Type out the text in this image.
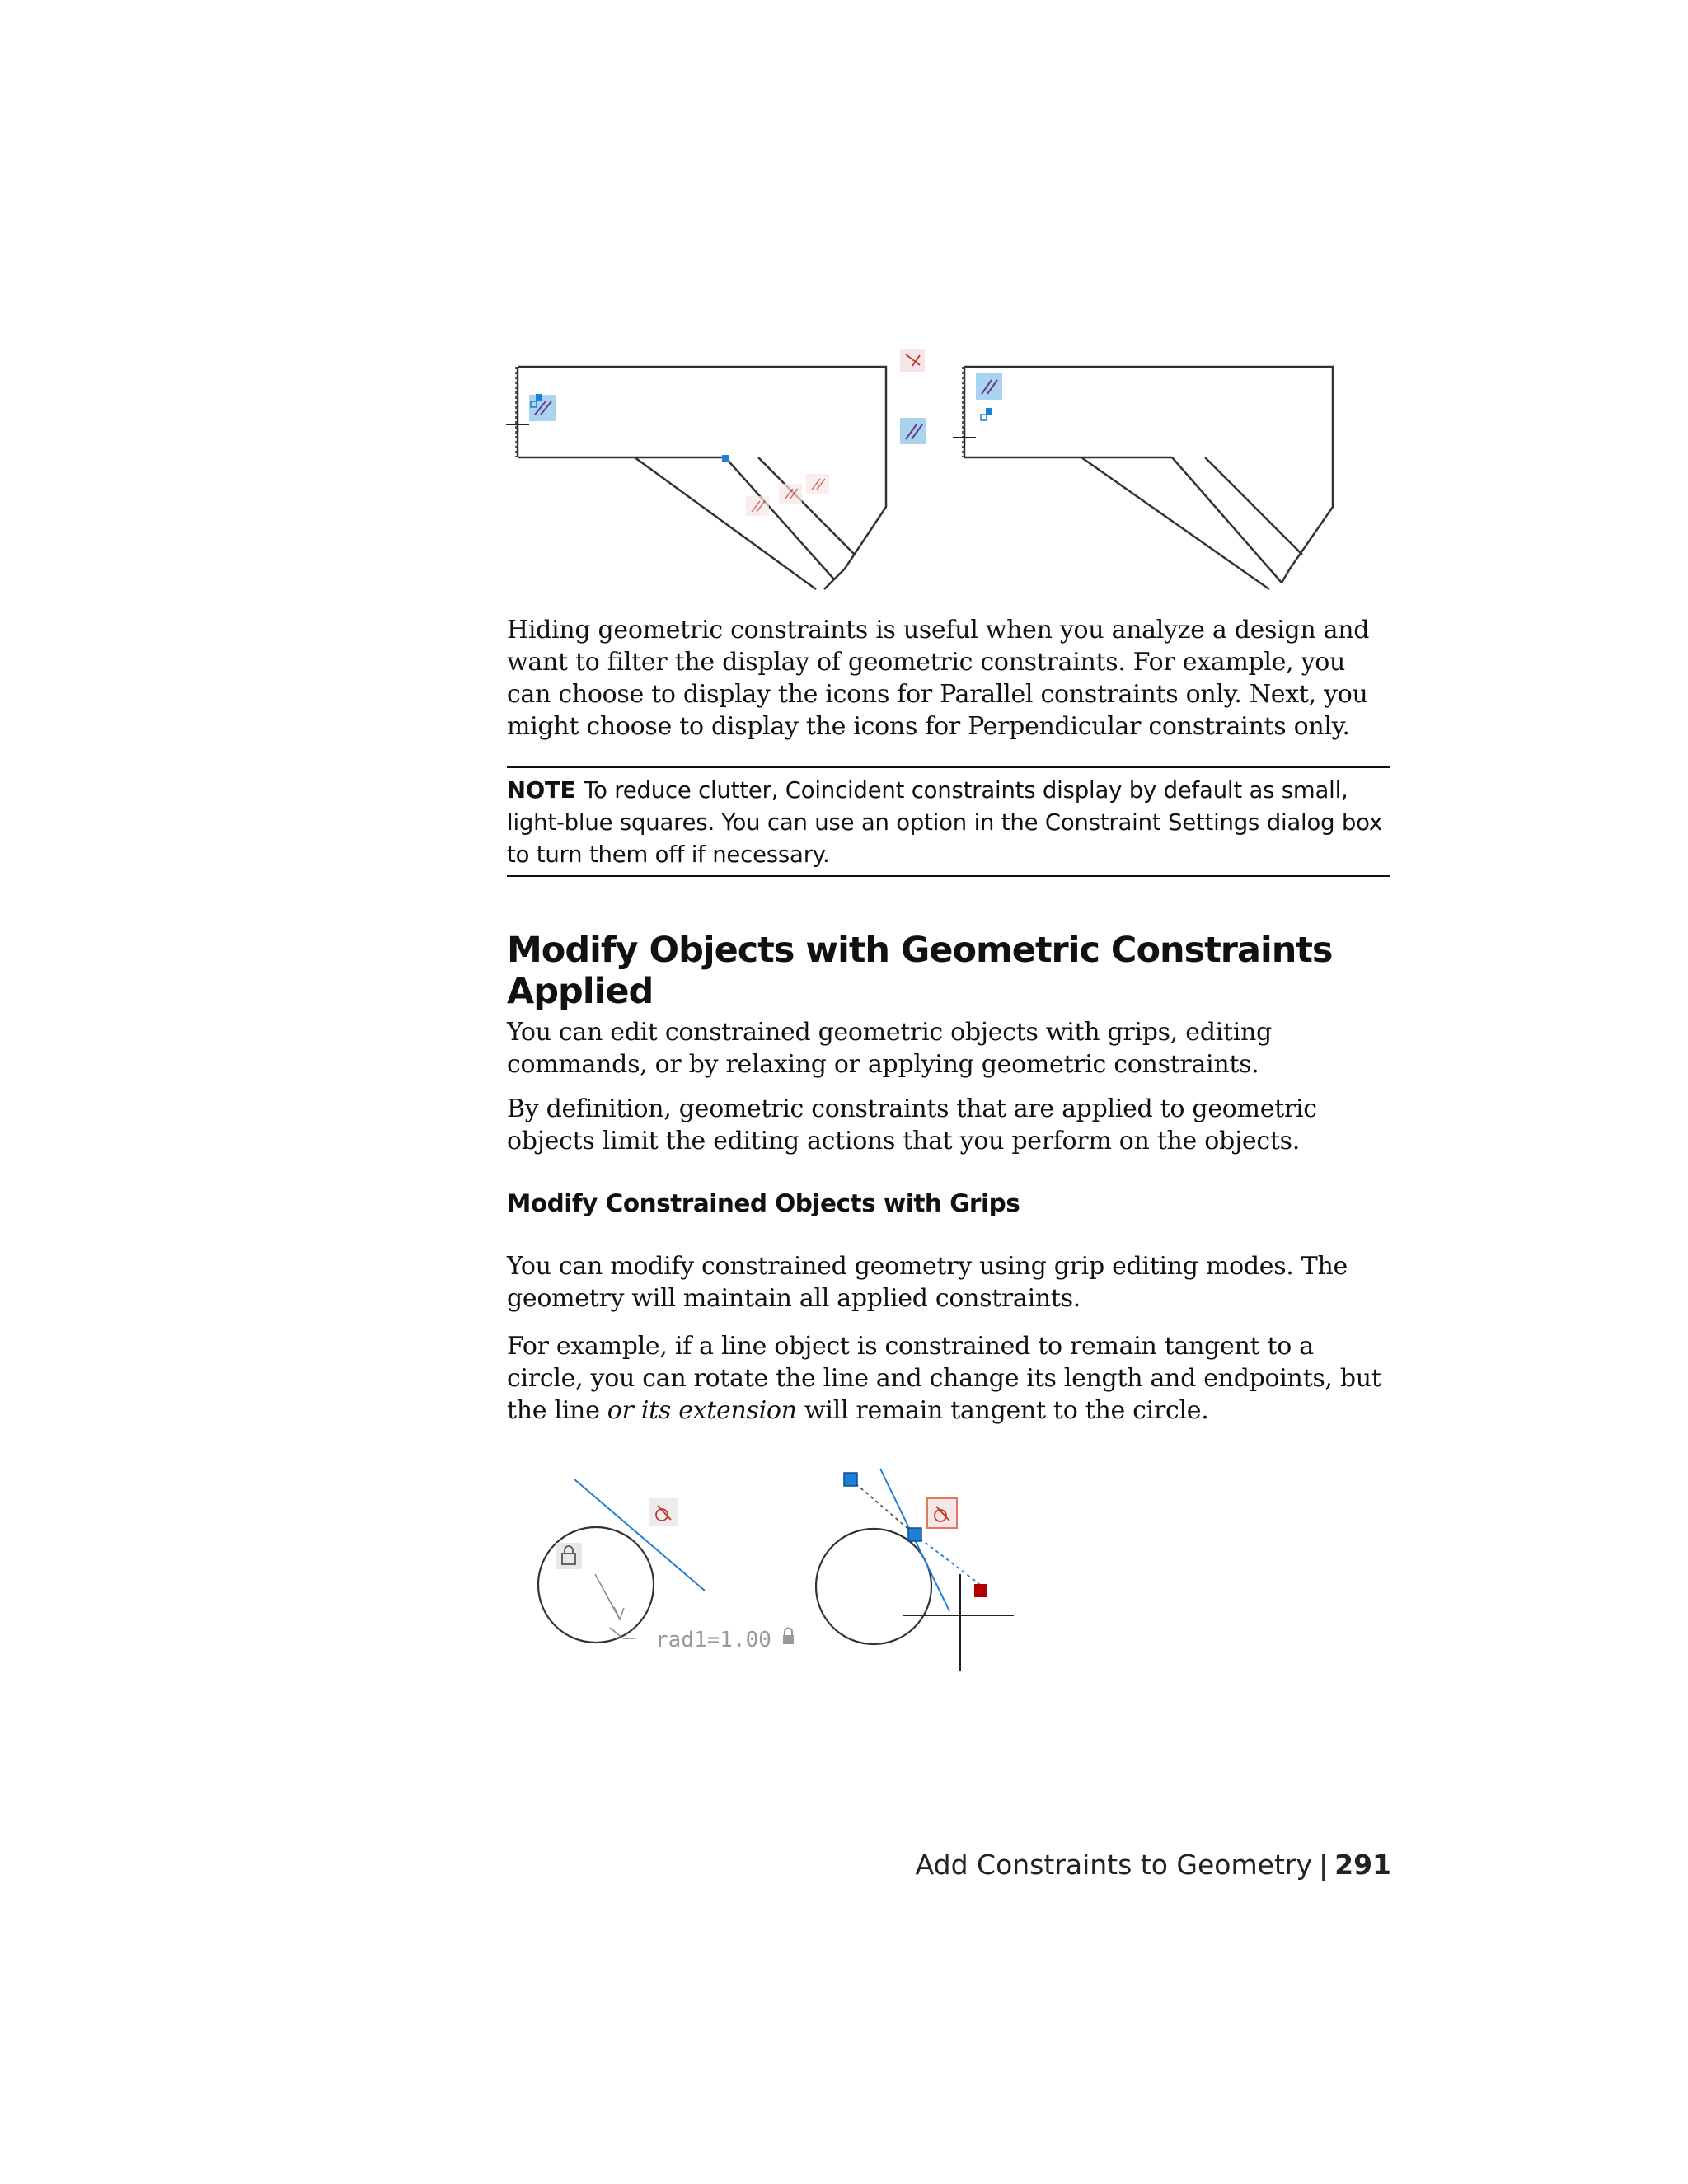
Hiding geometric constraints is useful when you analyze a design and want to filter the display of geometric constraints. For example, you can choose to display the icons for Parallel constraints only. Next, you might choose to display the icons for Perpendicular constraints only.

NOTE To reduce clutter, Coincident constraints display by default as small, light-blue squares. You can use an option in the Constraint Settings dialog box to turn them off if necessary.

Modify Objects with Geometric Constraints Applied

You can edit constrained geometric objects with grips, editing commands, or by relaxing or applying geometric constraints.

By definition, geometric constraints that are applied to geometric objects limit the editing actions that you perform on the objects.

Modify Constrained Objects with Grips

You can modify constrained geometry using grip editing modes. The geometry will maintain all applied constraints.

For example, if a line object is constrained to remain tangent to a circle, you can rotate the line and change its length and endpoints, but the line or its extension will remain tangent to the circle.

rad1=1.00
Add Constraints to Geometry | 291
